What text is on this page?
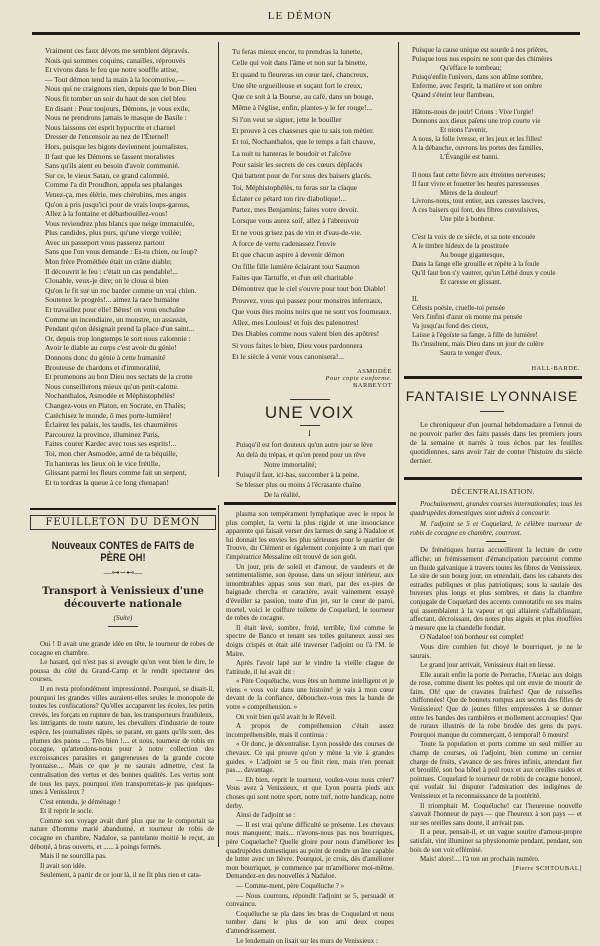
LE DÉMON
Vraiment ces faux dévots me semblent dépravés.
Nous qui sommes coquins, canailles, réprouvés
Et vivons dans le feu que notre souffle attise,
— Tout démon tend la main à la locomotive,—
Nous qui ne craignons rien, depuis que le bon Dieu
Nous fit tomber un soir du haut de son ciel bleu
En disant : Pour toujours, Démons, je vous exile,
Nous ne prendrons jamais le masque de Basile :
Nous laissons cet esprit hypocrite et charnel
Dresser de l'encensoir au nez de l'Éternel!
Hors, puisque les bigots deviennent journalistes,
Il faut que les Démons se fassent moralistes
Sans qu'ils aient eu besoin d'avoir communié.
Sur ce, le vieux Satan, ce grand calomnié,
Comme l'a dit Proudhon, appela ses phalanges
Venez-ça, mes élérie, mes chérubins, mes anges
Qu'on a pris jusqu'ici pour de vrais loups-garous,
Allez à la fontaine et débarbouillez-vous!
Vous reviendrez plus blancs que neige immaculée,
Plus candides, plus purs, qu'une vierge voilée;
Avec un passeport vous passerez partout
Sans que l'on vous demande : Es-tu chien, ou loup?
Mon frère Prométhée était un crâne diable;
Il découvrit le feu : c'était un cas pendable!...
Clouable, veux-je dire; on le cloua si bien
Qu'on le fit sur un roc barder comme un vrai chien.
Soutenez le progrès!... aimez la race humaine
Et travaillez pour elle! Bêtes! on vous enchaîne
Comme un incendiaire, un monstre, un assassin,
Pendant qu'on désignait prend la place d'un saint...
Or, depuis trop longtemps le sort nous calomnie :
Avoir le diable au corps c'est avoir du génie!
Donnons donc du génie à cette humanité
Brouteuse de chardons et d'immoralité,
Et promenons au bon Dieu nos sectats de la crotte
Nous conseillerons mieux qu'un petit-calotte.
Nochanthalos, Asmodée et Méphistophélès!
Changez-vous en Platon, en Socrate, en Thalès;
Catéchisez le monde, ô mes porte-lumière!
Éclairez les palais, les taudis, les chaumières
Parcourez la province, illuminez Paris,
Faites courer Kardec avec tous ses esprits!...
Toi, mon cher Asmodée, armé de ta béquille,
Tu hanteras les lieux où le vice frétille,
Glissant parmi les fleurs comme fait un serpent,
Et tu tordras la queue à ce long chenapan!
FEUILLETON DU DÉMON
Nouveaux CONTES de FAITS de PÈRE OH!
—⊶∽⊷—
Transport à Venissieux d'une découverte nationale
(Suite)

Oui ! Il avait une grande idée en tête, le tourneur de robes de cocagne en chambre.

Le hasard, qui n'est pas si aveugle qu'on veut bien le dire, le poussa du côté du Grand-Camp et le rendit spectateur des courses.

Il en resta profondément impressionné. Pourquoi, se disait-il, pourquoi les grandes villes auraient-elles seules le monopole de toutes les confiscations? Qu'elles accaparent les écoles, les petits crevés, les forçats en rupture de ban, les transporteurs frauduleux, les intrigants de toute nature, les chevaliers d'industrie de toute espèce, les journalistes râpés, se parant, en gants qu'ils sont, des plumes des paons .... Très bien !.... et nous, tourneur de robis en cocagne, qu'attendons-nous pour à notre collection des excroissances parasites et gangreneuses de la grande cocote lyonnaise.... Mais ce que je ne saurais admettre, c'est la centralisation des vertus et des bonnes qualités. Les vertus sont de tous les pays, pourquoi n'en transporterais-je pas quelques-unes à Venissieux ?

C'est entendu, je déménage !

Et il reprit le socle.

Comme son voyage avait duré plus que ne le comportait sa nature d'homme marié abandonné, et tourneur de robis de cocagne en chambre, Nadaloe, sa pantelante moitié le reçut, au débotté, à bras ouverts, et ...... à poings fermés.

Mais il ne sourcilla pas.

Il avait son idée.

Seulement, à partir de ce jour là, il ne fit plus rien et cata-

Tu feras mieux encor, tu prendras la lunette,
Celle qui voit dans l'âme et non sur la binette,
Et quand tu fleureras un cœur taré, chancreux,
Une tête orgueilleuse et suçant fort le creux,
Que ce soit à la Bourse, au café, dans un bouge,
Même à l'église, enfin, plantes-y le fer rouge!...
Si l'on veut se signer, jette le bouiller
Et prouve à ces chasseurs que tu sais ton métier.
Et toi, Nochanthalos, que le temps a fait chauve,
La nuit tu hanteras le boudoir et l'alcôve
Pour saisir les secrets de ces cœurs déplacés
Qui battent pour de l'or sous des baisers glacés.
Toi, Méphistophélès, tu feras sur la claque
Éclater ce pétard ton rire diabolique!...
Partez, mes Benjamins; faites votre devoir.
Lorsque vous aurez soif, allez à l'abreuvoir
Et ne vous grisez pas de vin et d'eau-de-vie.
A force de vertu cadenassez l'envie
Et que chacun aspire à devenir démon
Ou fille fille lumière éclairant tout Saumon
Faites que Tartuffe, et d'un œil charitable
Démontrez que le ciel s'ouvre pour tout bon Diable!
Prouvez, vous qui passez pour monstres infernaux,
Que vous êtes moins noirs que ne sont vos fourneaux.
Allez, mes Loulous! et fuis des palenotres!
Des Diables comme nous valent bien des apôtres!
Si vous faites le bien, Dieu vous pardonnera
Et le siècle à venir vous canonisera!...
ASMODÉE
Pour copie conforme.
BARBEYOT
UNE VOIX
I
Puisqu'il est fort douteux qu'un autre jour se lève
Au delà du trépas, et qu'on prend pour un rêve
Notre immortalité;
Puisqu'il faut, ici-bas, succomber à la peine,
Se blesser plus ou moins à l'écrasante chaîne
De la réalité,

plasma son tempérament lymphatique avec le repos le plus complet, la vertu la plus rigide et une insouciance apparente qui faisait verser des larmes de sang à Nadaloe et lui donnait les envies les plus sérieuses pour le quartier de Trouve, du Clément et également conjointe à un mari que l'impératrice Messaline eût trouvé de son goût.

Un jour, pris de soleil et d'amour, de vaudeurs et de sentimentalisme, son épouse, dans un séjour intérieur, aux innombrables appas sous son mari, par des ex-pies de baignade chercha et caractère, avait vainement essayé d'éveiller sa passion, toute d'un jet, sur le cœur de paroi, mortel, voici le coiffure toilette de Coquelard, le tourneur de robes de cocagne.

Il était levé, sombre, froid, terrible, fixé comme le spectre de Banco et tenant ses toiles guitaneux aussi ses doigts crispés et était ailé traverser l'adjoint ou l'à l'M. le Maire.

Après l'avoir lapé sur le vindre la vieille clague de l'attitude, il lui avait dit :

« Père Coquéluche, vous êtes un homme intelligent et je viens « vous voir dans une histoire! je vais à mon cœur devant de la confiance, débouchez-vous mes la bande de votre « compréhension. »

On voit bien qu'il avait lu le Réveil.

A propos de compréhension c'était assez incompréhensible, mais il continua :

« Or donc, je décentralise. Lyon possède des courses de chevaux. Ce qui prouve qu'on y mène la vie à grandes guides. » L'adjoint se 5 ou finit rien, mais n'en prenait pas.... davantage.

— Eh bien, reprit le tourneur, voulez-vous nous créer? Vous avez à Venissieux, et que Lyon pourra pieds aux choses qui sont notre sport, notre turf, notre handicap, notre derby.

Ainsi de l'adjoint se :

— Il est vrai qu'une difficulté se présente. Les chevaux nous manquent; mais... n'avons-nous pas nos bourriques, père Coquelache? Quelle gloire pour nous d'améliorer les quadrupèdes domestiques au point de rendre un âne capable de lutter avec un lièvre. Pourquoi, je crois, dès d'améliorer mon bourriquet, je commence par m'améliorer moi-même. Demandez-en des nouvelles à Nadaloe.

— Comme-ment, père Coquéluche ? »

— Nous courrons, répondit l'adjoint se 5, persuadé et convaincu.

Coquéluche se pla dans les bras de Coquelard et nous tomber dans le plus de son ami deux coupes d'attendrissement.

Le lendemain on lisait sur les murs de Venissieux :

Puisque la cause unique est sourde à nos prières,
Puisque tous nos espoirs ne sont que des chimères
Qu'efface le tombeau;
Puisqu'enfin l'univers, dans son abîme sombre,
Enferme, avec l'esprit, la matière et son ombre
Quand s'éteint leur flambeau,

Hâtons-nous de jouir! Crions : Vive l'orgie!
Donnons aux dieux païens une trop courte vie
Et nions l'avenir,
A nous, la folle ivresse, et les jeux et les filles!
A la débauche, ouvrons les portes des familles,
L'Évangile est banni.

Il nous faut cette fièvre aux étreintes nerveuses;
Il faut vivre et fouetter les heures paresseuses
Mères de la douleur!
Livrons-nous, tout entier, aux caresses lascives,
A ces baisers qui font, des fibres convulsives,
Une pile à bonheur.

C'est la voix de ce siècle, et sa note encouée
A le timbre hideux de la prostituée
Au bouge gigantesque,
Dans la fange elle grouille et répète à la foule
Qu'il faut bon s'y vautrer, qu'un Léthé doux y coule
Et caresse en glissant.

II.
Célests poésie, cruelle-toi pensée
Vers l'infini d'azur où monte ma pensée
Va jusqu'au fond des cieux,
Laisse à l'égoïste sa fange, à fille de lumière!
Ils t'insultent, mais Dieu dans un jour de colère
Saura te venger d'eux.
HALL-BARDE.
FANTAISIE LYONNAISE
Le chroniqueur d'un journal hebdomadaire a l'ennui de ne pouvoir parler des faits passés dans les premiers jours de la semaine et narrés à tous échos par les feuilles quotidiennes, sans avoir l'air de conter l'histoire du siècle dernier.
DÉCENTRALISATION.

Prochainement, grandes courses internationales; tous les quadrupèdes domestiques sont admis à concourir.

M. l'adjoint se 5 et Coquelard, le célèbre tourneur de robis de cocagne en chambre, courront.

De frénétiques hurras accueillirent la lecture de cette affiche; un frémissement d'émancipation parcourut comme un fluide galvanique à travers toutes les fibres de Venissieux. Le sire de son bourg jour, on entendait, dans les cabarets des estrades publiques et plus patriotiques; sous la saulaie des buveurs plus longs et plus sombres, et dans la chambre conjugale de Coquelard des accents connotatifs ou ses mains qui assemblaient à la vapeur et qui allaient s'affaiblissant, affectant, décroissant, des notes plus aiguës et plus étouffées à mesure que la chandelle fondait.

O Nadaloe! ton bonheur est complet!

Vous dire combien fut choyé le bourriquet, je ne le saurais.

Le grand jour arrivait, Venissieux était en liesse.

Elle aurait enfin la porte de Perrache, l'Auriac aux doigts de rose, comme disent les poètes qui ont envie de mourir de faim. Oh! que de cravates fraîches! Que de ruisselles chiffonnées! Que de bonnets rompus aux secrets des filles de Venissieux! Que de jeunes filles empressées à se donner entre les bandes des rambières et mollement accroupies! Que de ruraux illustrés de la robe brodée des gens du pays. Pourquoi manque du commerçant, ô temporal! ô mœurs!

Toute la population et ports comme un seul millier au champ de courses, où l'adjoint, bien comme un cernier charge de fruits, s'avance de ses frères infinis, attendant fier et brouillé, son boa hôtel à poil roux et aux oreilles raides et pointues. Coquelard le tourneur de robis de cocagne honoré, qui voulait lui disputer l'admiration des indigènes de Venissieux et la reconnaissance de la postérité.

Il triomphait M. Coquéluche! car l'heureuse nouvelle s'auvait l'honneur de pays — que l'heureux à son pays — et sur ses oreilles sans doute, il arrivait pas.

Il a peur, pensait-il, et un vague sourire d'amour-propre satisfait, vint illuminer sa physionomie pendant, pendant, son bois de son voit efféminé.

Mais! alors!.... l'à ton un prochain numéro.

[Pierre SCHTOUBAL]
